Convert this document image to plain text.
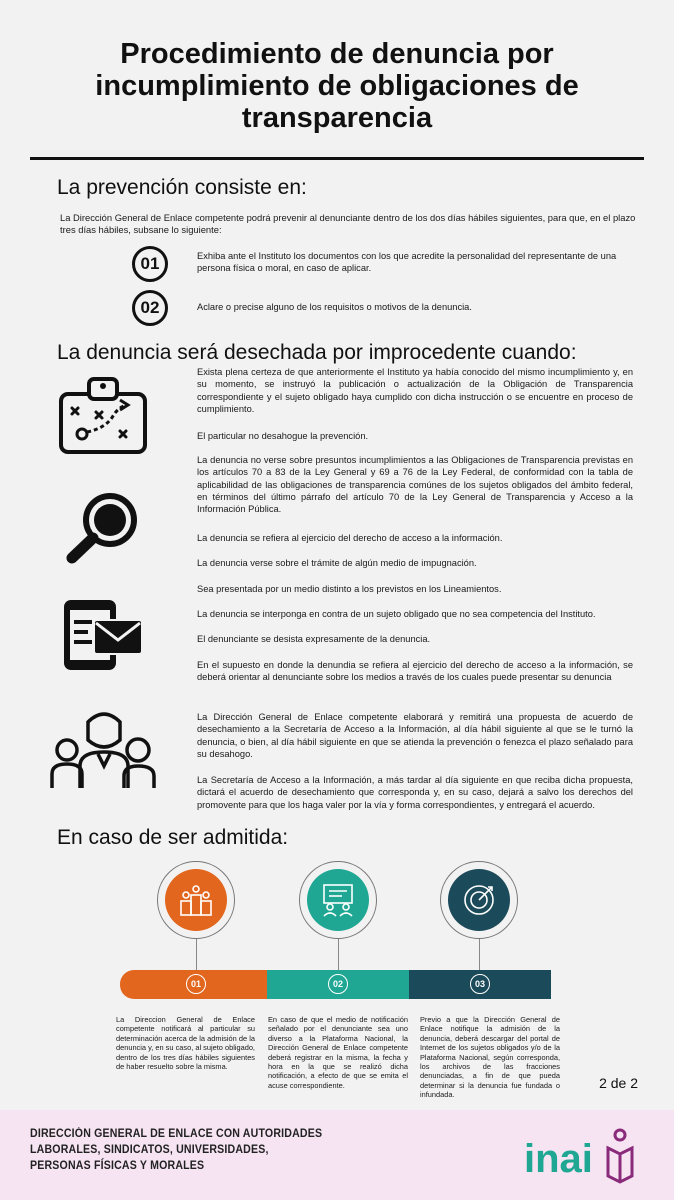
Procedimiento de denuncia por incumplimiento de obligaciones de transparencia
La prevención consiste en:
La Dirección General de Enlace competente podrá prevenir al denunciante dentro de los dos días hábiles siguientes, para que, en el plazo tres días hábiles, subsane lo siguiente:
01	Exhiba ante el Instituto los documentos con los que acredite la personalidad del representante de una persona física o moral, en caso de aplicar.
02	Aclare o precise alguno de los requisitos o motivos de la denuncia.
La denuncia será desechada por improcedente cuando:
Exista plena certeza de que anteriormente el Instituto ya había conocido del mismo incumplimiento y, en su momento, se instruyó la publicación o actualización de la Obligación de Transparencia correspondiente y el sujeto obligado haya cumplido con dicha instrucción o se encuentre en proceso de cumplimiento.
El particular no desahogue la prevención.
La denuncia no verse sobre presuntos incumplimientos a las Obligaciones de Transparencia previstas en los artículos 70 a 83 de la Ley General y 69 a 76 de la Ley Federal, de conformidad con la tabla de aplicabilidad de las obligaciones de transparencia comúnes de los sujetos obligados del ámbito federal, en términos del último párrafo del artículo 70 de la Ley General de Transparencia y Acceso a la Información Pública.
La denuncia se refiera al ejercicio del derecho de acceso a la información.
La denuncia verse sobre el trámite de algún medio de impugnación.
Sea presentada por un medio distinto a los previstos en los Lineamientos.
La denuncia se interponga en contra de un sujeto obligado que no sea competencia del Instituto.
El denunciante se desista expresamente de la denuncia.
En el supuesto en donde la denundia se refiera al ejercicio del derecho de acceso a la información, se deberá orientar al denunciante sobre los medios a través de los cuales puede presentar su denuncia
La Dirección General de Enlace competente elaborará y remitirá una propuesta de acuerdo de desechamiento a la Secretaría de Acceso a la Información, al día hábil siguiente al que se le turnó la denuncia, o bien, al día hábil siguiente en que se atienda la prevención o fenezca el plazo señalado para su desahogo.
La Secretaría de Acceso a la Información, a más tardar al día siguiente en que reciba dicha propuesta, dictará el acuerdo de desechamiento que corresponda y, en su caso, dejará a salvo los derechos del promovente para que los haga valer por la vía y forma correspondientes, y entregará el acuerdo.
En caso de ser admitida:
01	02	03
La Direccion General de Enlace competente notificará al particular su determinación acerca de la admisión de la denuncia y, en su caso, al sujeto obligado, dentro de los tres días hábiles siguientes de haber resuelto sobre la misma.
En caso de que el medio de notificación señalado por el denunciante sea uno diverso a la Plataforma Nacional, la Dirección General de Enlace competente deberá registrar en la misma, la fecha y hora en la que se realizó dicha notificación, a efecto de que se emita el acuse correspondiente.
Previo a que la Dirección General de Enlace notifique la admisión de la denuncia, deberá descargar del portal de Internet de los sujetos obligados y/o de la Plataforma Nacional, según corresponda, los archivos de las fracciones denunciadas, a fin de que pueda determinar si la denuncia fue fundada o infundada.
2 de 2
DIRECCIÓN GENERAL DE ENLACE CON AUTORIDADES
LABORALES, SINDICATOS, UNIVERSIDADES,
PERSONAS FÍSICAS Y MORALES	inai
